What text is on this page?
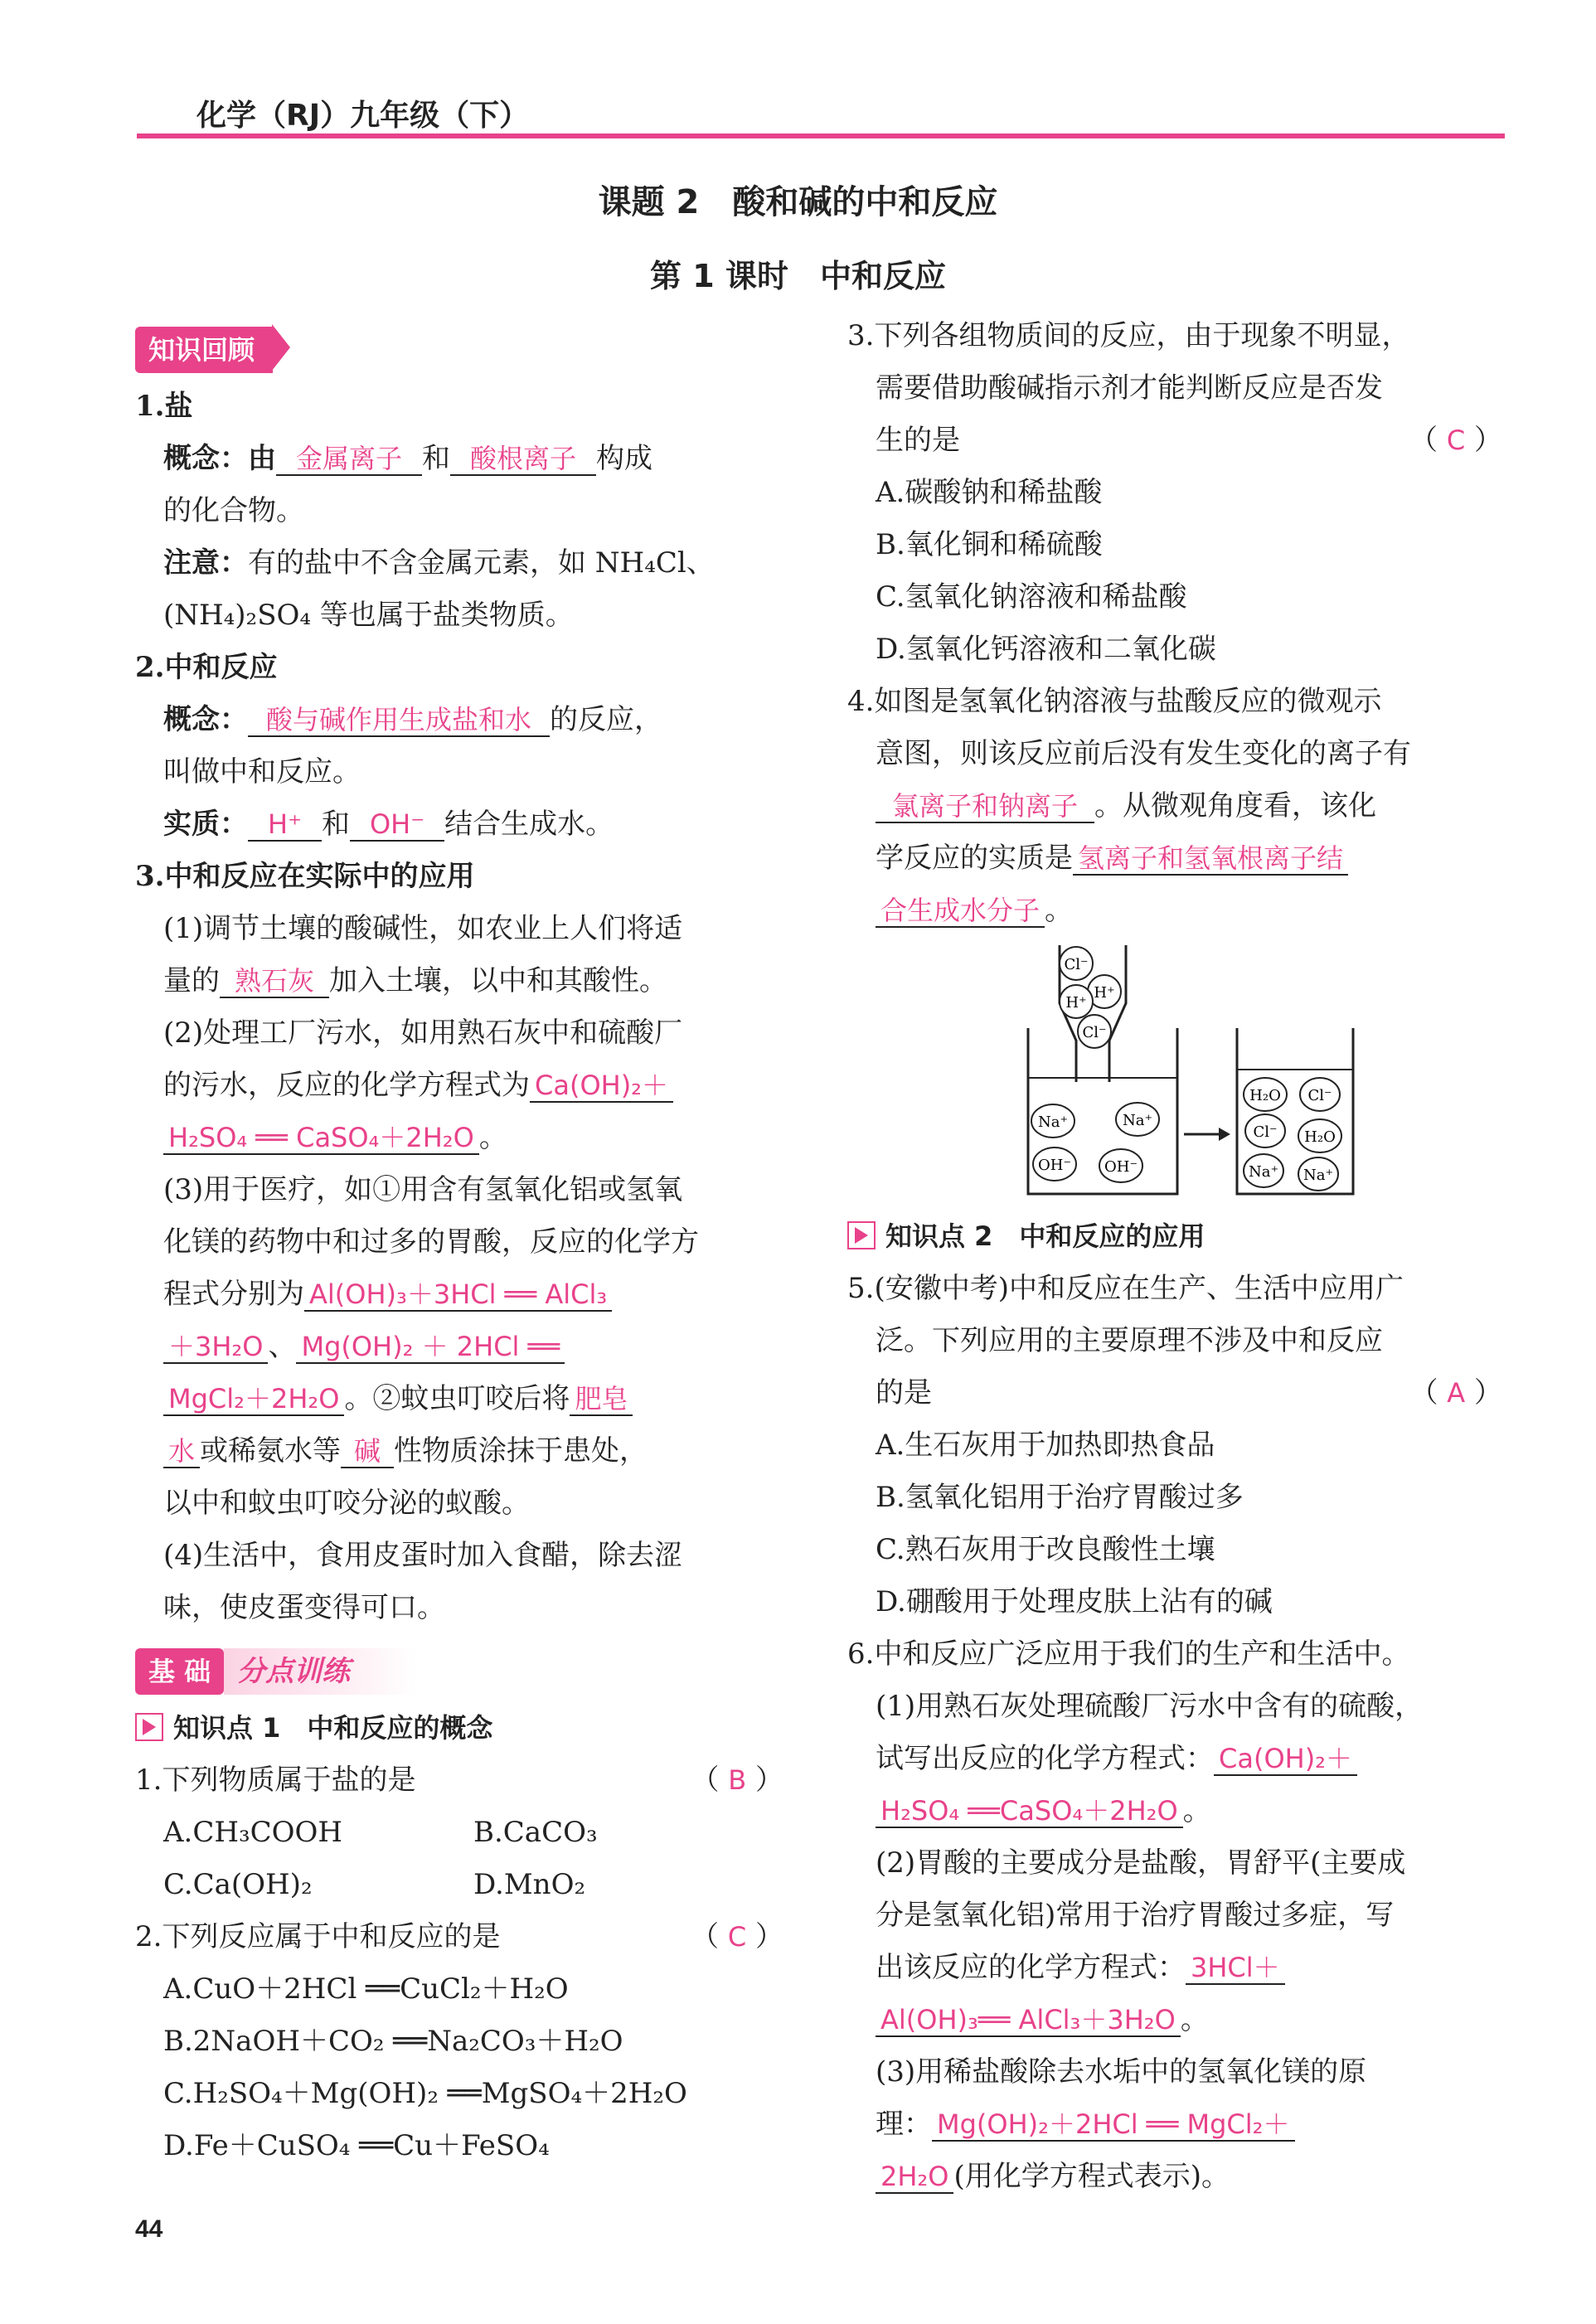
化学（RJ）九年级（下）
课题 2　酸和碱的中和反应
第 1 课时　中和反应
知识回顾

1.盐

概念：由 金属离子 和 酸根离子 构成

的化合物。

注意：有的盐中不含金属元素，如 NH₄Cl、

(NH₄)₂SO₄ 等也属于盐类物质。

2.中和反应

概念： 酸与碱作用生成盐和水 的反应，

叫做中和反应。

实质： H⁺ 和 OH⁻ 结合生成水。

3.中和反应在实际中的应用

(1)调节土壤的酸碱性，如农业上人们将适

量的 熟石灰 加入土壤，以中和其酸性。

(2)处理工厂污水，如用熟石灰中和硫酸厂

的污水，反应的化学方程式为 Ca(OH)₂＋

H₂SO₄ ══ CaSO₄＋2H₂O 。

(3)用于医疗，如①用含有氢氧化铝或氢氧

化镁的药物中和过多的胃酸，反应的化学方

程式分别为 Al(OH)₃＋3HCl ══ AlCl₃

＋3H₂O 、 Mg(OH)₂ ＋ 2HCl ══

MgCl₂＋2H₂O 。②蚊虫叮咬后将 肥皂

水 或稀氨水等 碱 性物质涂抹于患处，

以中和蚊虫叮咬分泌的蚁酸。

(4)生活中，食用皮蛋时加入食醋，除去涩

味，使皮蛋变得可口。

基 础 分点训练

知识点 1　中和反应的概念

1.下列物质属于盐的是	（ B ）

A.CH₃COOH	B.CaCO₃
C.Ca(OH)₂	D.MnO₂

2.下列反应属于中和反应的是	（ C ）

A.CuO＋2HCl ══CuCl₂＋H₂O

B.2NaOH＋CO₂ ══Na₂CO₃＋H₂O

C.H₂SO₄＋Mg(OH)₂ ══MgSO₄＋2H₂O

D.Fe＋CuSO₄ ══Cu＋FeSO₄

3.下列各组物质间的反应，由于现象不明显，

需要借助酸碱指示剂才能判断反应是否发

生的是	（ C ）

A.碳酸钠和稀盐酸

B.氧化铜和稀硫酸

C.氢氧化钠溶液和稀盐酸

D.氢氧化钙溶液和二氧化碳

4.如图是氢氧化钠溶液与盐酸反应的微观示

意图，则该反应前后没有发生变化的离子有

氯离子和钠离子 。从微观角度看，该化

学反应的实质是 氢离子和氢氧根离子结

合生成水分子 。

知识点 2　中和反应的应用

5.(安徽中考)中和反应在生产、生活中应用广

泛。下列应用的主要原理不涉及中和反应

的是	（ A ）

A.生石灰用于加热即热食品

B.氢氧化铝用于治疗胃酸过多

C.熟石灰用于改良酸性土壤

D.硼酸用于处理皮肤上沾有的碱

6.中和反应广泛应用于我们的生产和生活中。

(1)用熟石灰处理硫酸厂污水中含有的硫酸，

试写出反应的化学方程式： Ca(OH)₂＋

H₂SO₄ ══CaSO₄＋2H₂O 。

(2)胃酸的主要成分是盐酸，胃舒平(主要成

分是氢氧化铝)常用于治疗胃酸过多症，写

出该反应的化学方程式： 3HCl＋

Al(OH)₃══ AlCl₃＋3H₂O 。

(3)用稀盐酸除去水垢中的氢氧化镁的原

理： Mg(OH)₂＋2HCl ══ MgCl₂＋

2H₂O (用化学方程式表示)。

Cl⁻
H⁺
H⁺
Cl⁻
Na⁺	Na⁺
OH⁻ OH⁻
H₂O Cl⁻
Cl⁻ H₂O
Na⁺ Na⁺
44
